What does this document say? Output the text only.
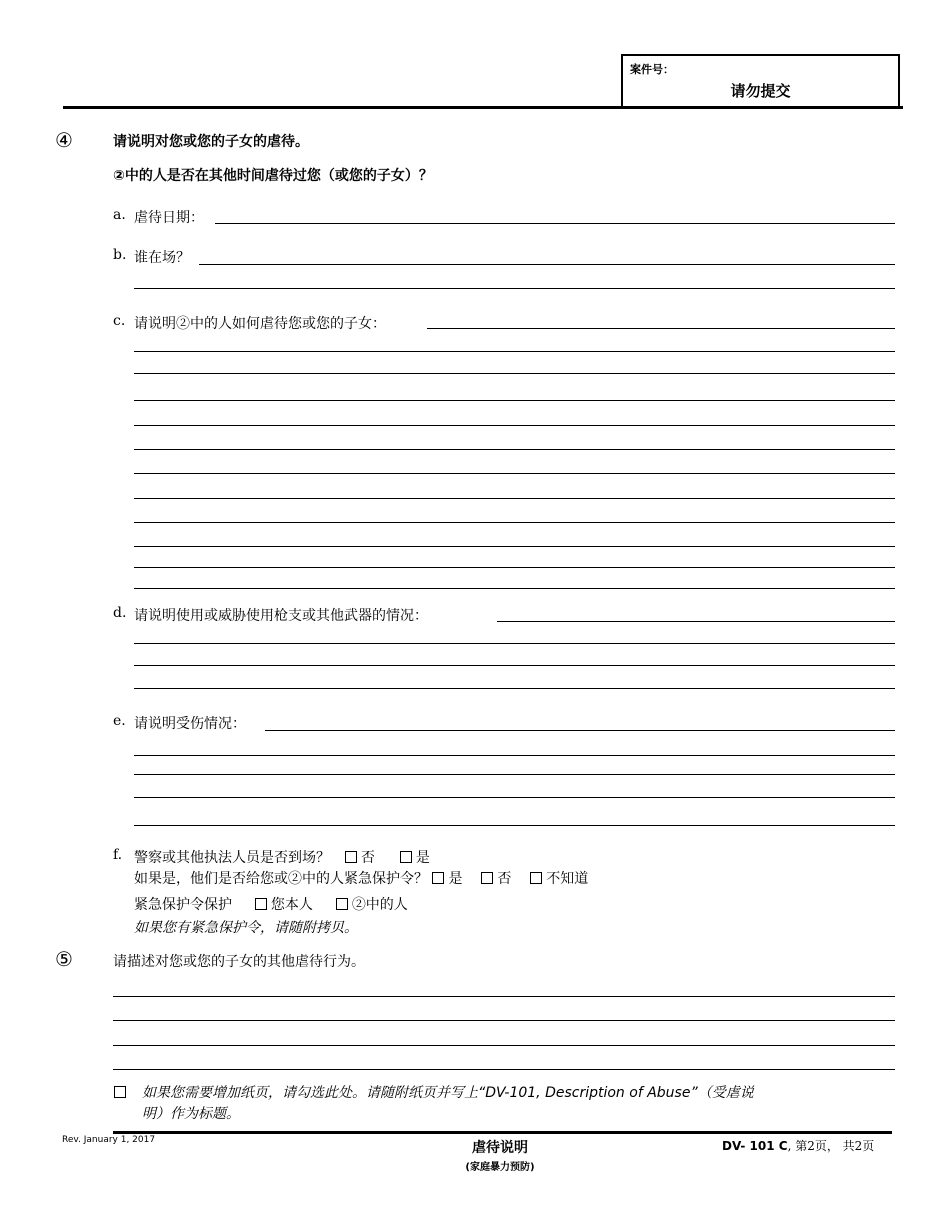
案件号：
请勿提交
④	请说明对您或您的子女的虐待。
②中的人是否在其他时间虐待过您（或您的子女）？
a. 虐待日期：
b. 谁在场？
c. 请说明②中的人如何虐待您或您的子女：
d. 请说明使用或威胁使用枪支或其他武器的情况：
e. 请说明受伤情况：
f. 警察或其他执法人员是否到场？ 否	是
如果是，他们是否给您或②中的人紧急保护令？ 是 否 不知道
紧急保护令保护	您本人	②中的人
如果您有紧急保护令，请随附拷贝。
⑤	请描述对您或您的子女的其他虐待行为。
如果您需要增加纸页，请勾选此处。请随附纸页并写上“DV-101, Description of Abuse”（受虐说
明）作为标题。
Rev. January 1, 2017	虐待说明
(家庭暴力预防)
DV- 101 C, 第2页， 共2页
